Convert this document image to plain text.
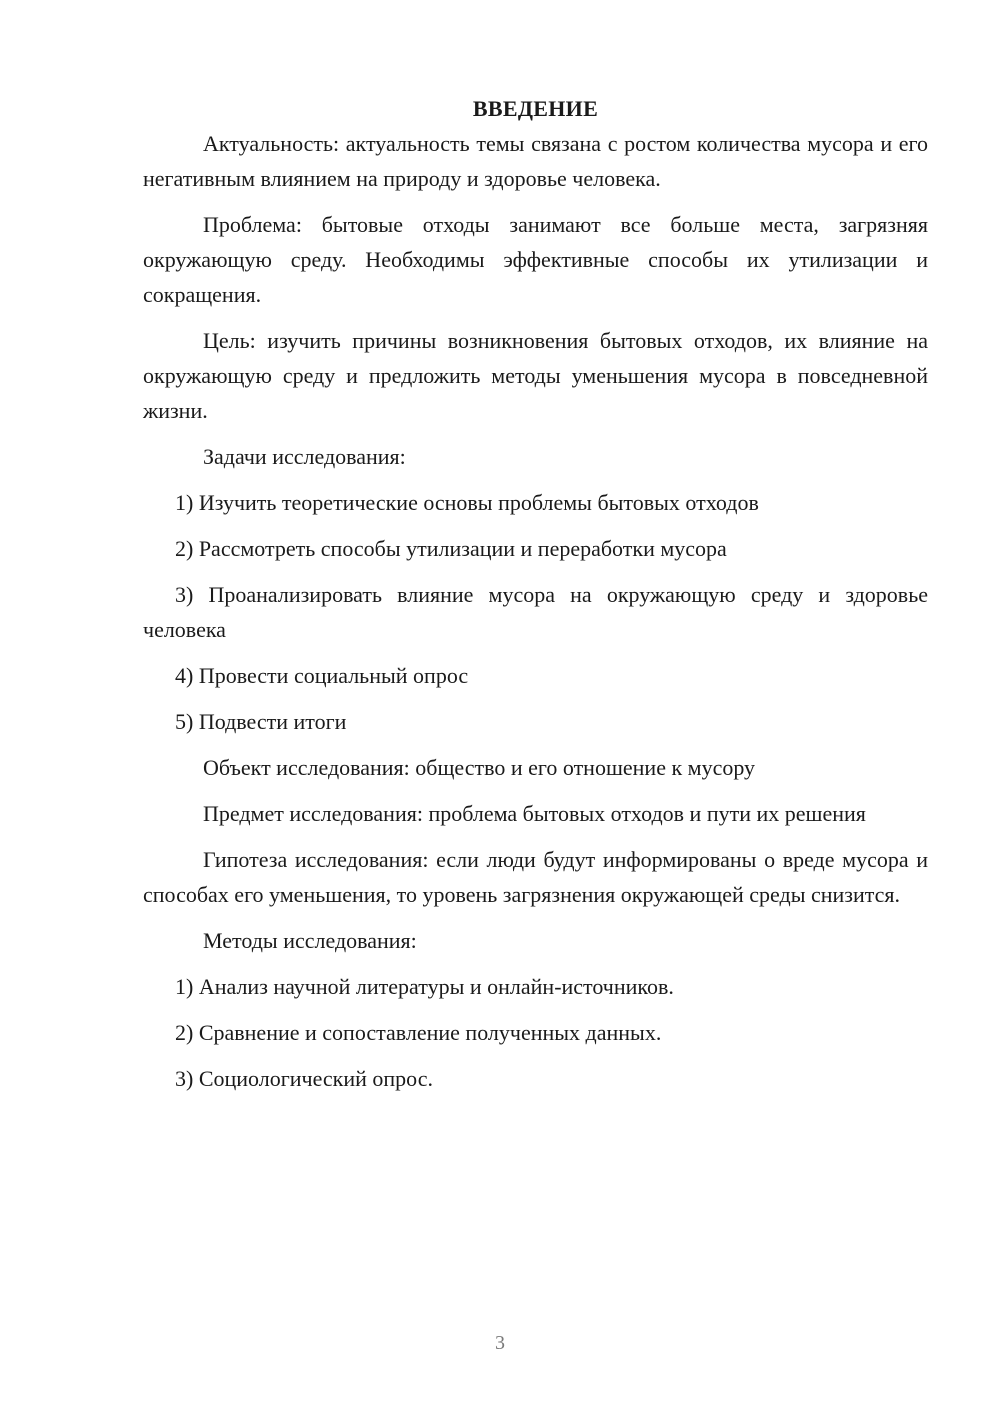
ВВЕДЕНИЕ

Актуальность: актуальность темы связана с ростом количества мусора и его негативным влиянием на природу и здоровье человека.

Проблема: бытовые отходы занимают все больше места, загрязняя окружающую среду. Необходимы эффективные способы их утилизации и сокращения.

Цель: изучить причины возникновения бытовых отходов, их влияние на окружающую среду и предложить методы уменьшения мусора в повседневной жизни.

Задачи исследования:

1) Изучить теоретические основы проблемы бытовых отходов

2) Рассмотреть способы утилизации и переработки мусора

3) Проанализировать влияние мусора на окружающую среду и здоровье человека

4) Провести социальный опрос

5) Подвести итоги

Объект исследования: общество и его отношение к мусору

Предмет исследования: проблема бытовых отходов и пути их решения

Гипотеза исследования: если люди будут информированы о вреде мусора и способах его уменьшения, то уровень загрязнения окружающей среды снизится.

Методы исследования:

1) Анализ научной литературы и онлайн-источников.

2) Сравнение и сопоставление полученных данных.

3) Социологический опрос.

3
